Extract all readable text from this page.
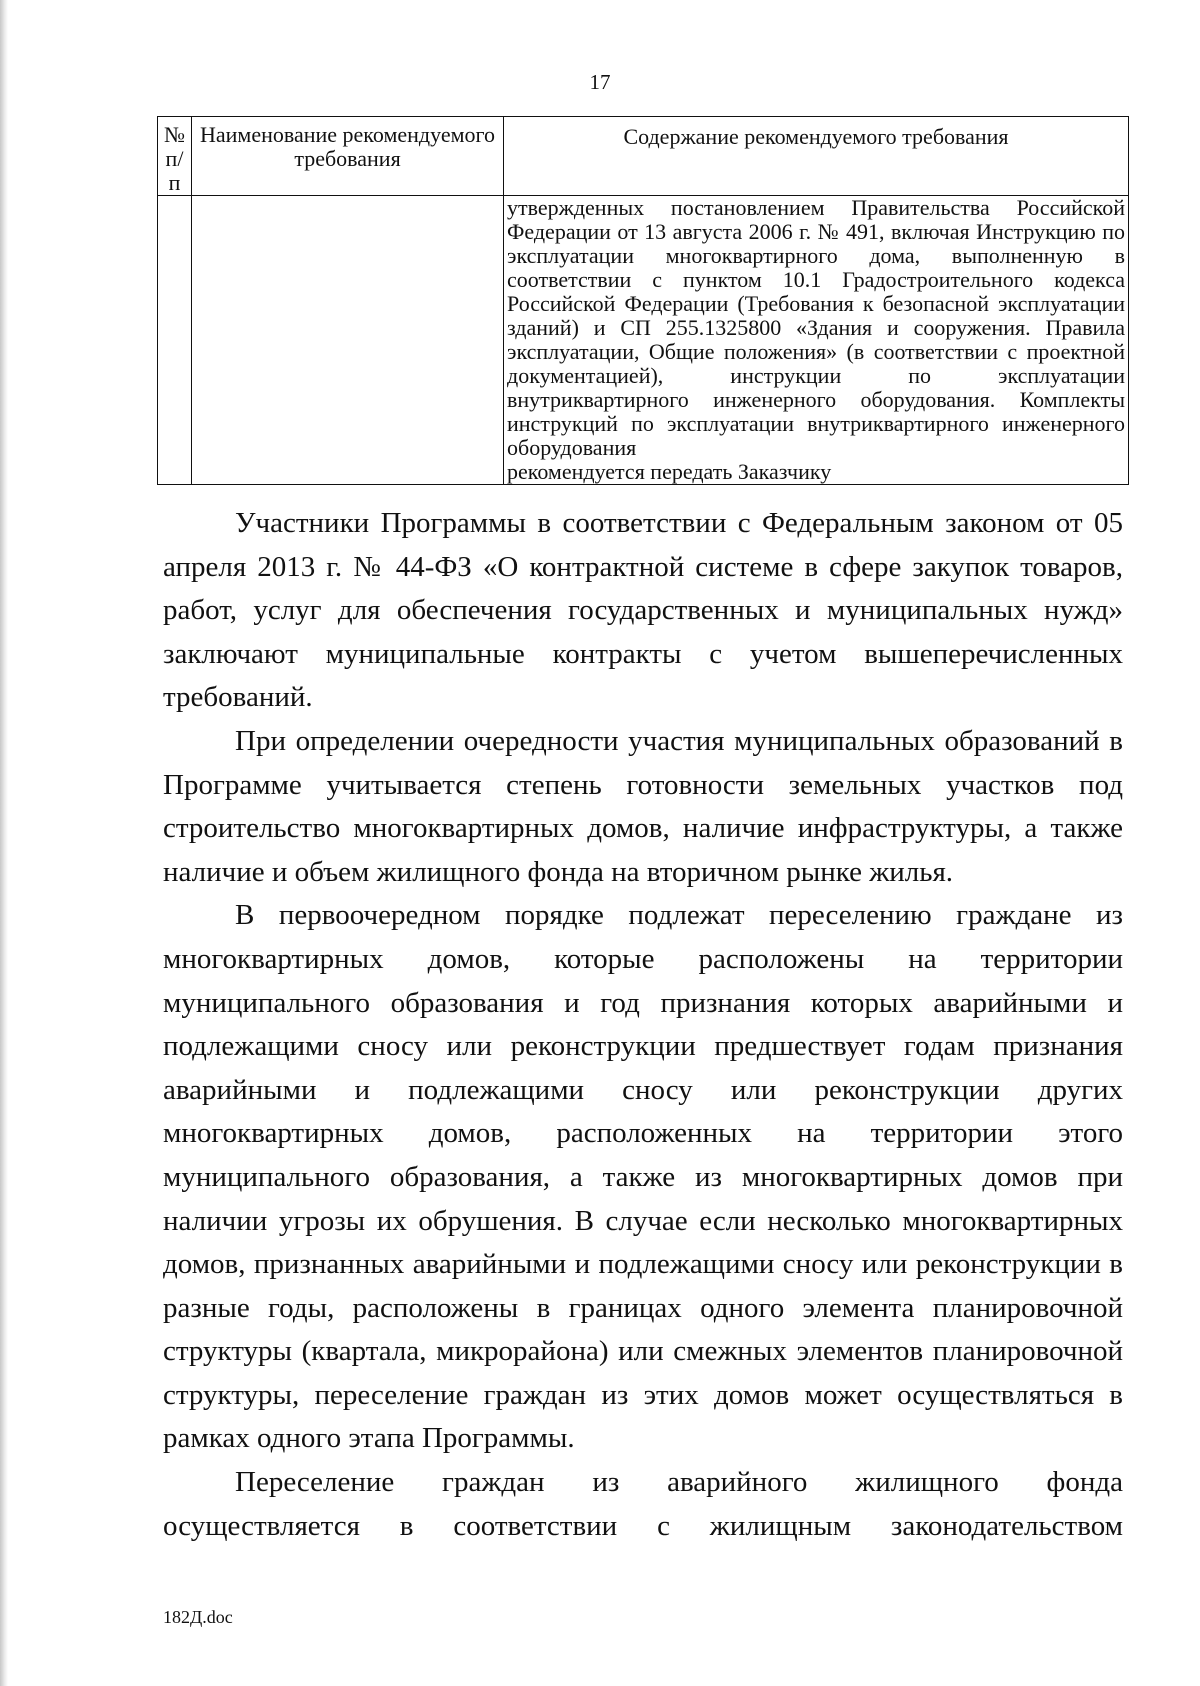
17
№ п/п	Наименование рекомендуемого требования	Содержание рекомендуемого требования

		утвержденных постановлением Правительства Российской Федерации от 13 августа 2006 г. № 491, включая Инструкцию по эксплуатации многоквартирного дома, выполненную в соответствии с пунктом 10.1 Градостроительного кодекса Российской Федерации (Требования к безопасной эксплуатации зданий) и СП 255.1325800 «Здания и сооружения. Правила эксплуатации, Общие положения» (в соответствии с проектной документацией), инструкции по эксплуатации внутриквартирного инженерного оборудования. Комплекты инструкций по эксплуатации внутриквартирного инженерного оборудования
рекомендуется передать Заказчику

Участники Программы в соответствии с Федеральным законом от 05 апреля 2013 г. № 44-ФЗ «О контрактной системе в сфере закупок товаров, работ, услуг для обеспечения государственных и муниципальных нужд» заключают муниципальные контракты с учетом вышеперечисленных требований.

При определении очередности участия муниципальных образований в Программе учитывается степень готовности земельных участков под строительство многоквартирных домов, наличие инфраструктуры, а также наличие и объем жилищного фонда на вторичном рынке жилья.

В первоочередном порядке подлежат переселению граждане из многоквартирных домов, которые расположены на территории муниципального образования и год признания которых аварийными и подлежащими сносу или реконструкции предшествует годам признания аварийными и подлежащими сносу или реконструкции других многоквартирных домов, расположенных на территории этого муниципального образования, а также из многоквартирных домов при наличии угрозы их обрушения. В случае если несколько многоквартирных домов, признанных аварийными и подлежащими сносу или реконструкции в разные годы, расположены в границах одного элемента планировочной структуры (квартала, микрорайона) или смежных элементов планировочной структуры, переселение граждан из этих домов может осуществляться в рамках одного этапа Программы.

Переселение граждан из аварийного жилищного фонда осуществляется в соответствии с жилищным законодательством

182Д.doc
